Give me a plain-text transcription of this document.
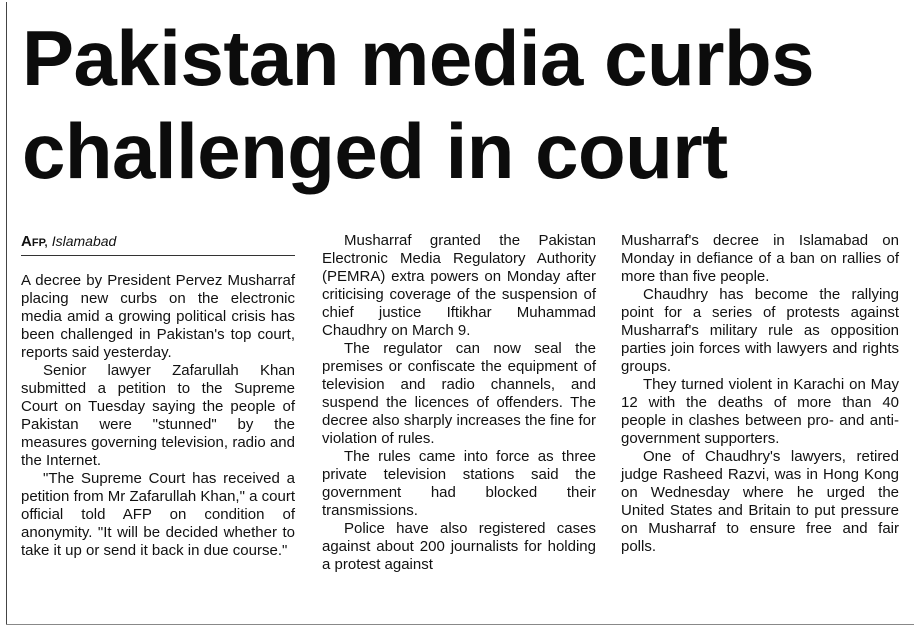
Pakistan media curbs
challenged in court
AFP, Islamabad

A decree by President Pervez Musharraf placing new curbs on the electronic media amid a growing political crisis has been challenged in Pakistan's top court, reports said yesterday.

Senior lawyer Zafarullah Khan submitted a petition to the Supreme Court on Tuesday saying the people of Pakistan were "stunned" by the measures governing television, radio and the Internet.

"The Supreme Court has received a petition from Mr Zafarullah Khan," a court official told AFP on condition of anonymity. "It will be decided whether to take it up or send it back in due course."

Musharraf granted the Pakistan Electronic Media Regulatory Authority (PEMRA) extra powers on Monday after criticising coverage of the suspension of chief justice Iftikhar Muhammad Chaudhry on March 9.

The regulator can now seal the premises or confiscate the equipment of television and radio channels, and suspend the licences of offenders. The decree also sharply increases the fine for violation of rules.

The rules came into force as three private television stations said the government had blocked their transmissions.

Police have also registered cases against about 200 journalists for holding a protest against

Musharraf's decree in Islamabad on Monday in defiance of a ban on rallies of more than five people.

Chaudhry has become the rallying point for a series of protests against Musharraf's military rule as opposition parties join forces with lawyers and rights groups.

They turned violent in Karachi on May 12 with the deaths of more than 40 people in clashes between pro- and anti-government supporters.

One of Chaudhry's lawyers, retired judge Rasheed Razvi, was in Hong Kong on Wednesday where he urged the United States and Britain to put pressure on Musharraf to ensure free and fair polls.
